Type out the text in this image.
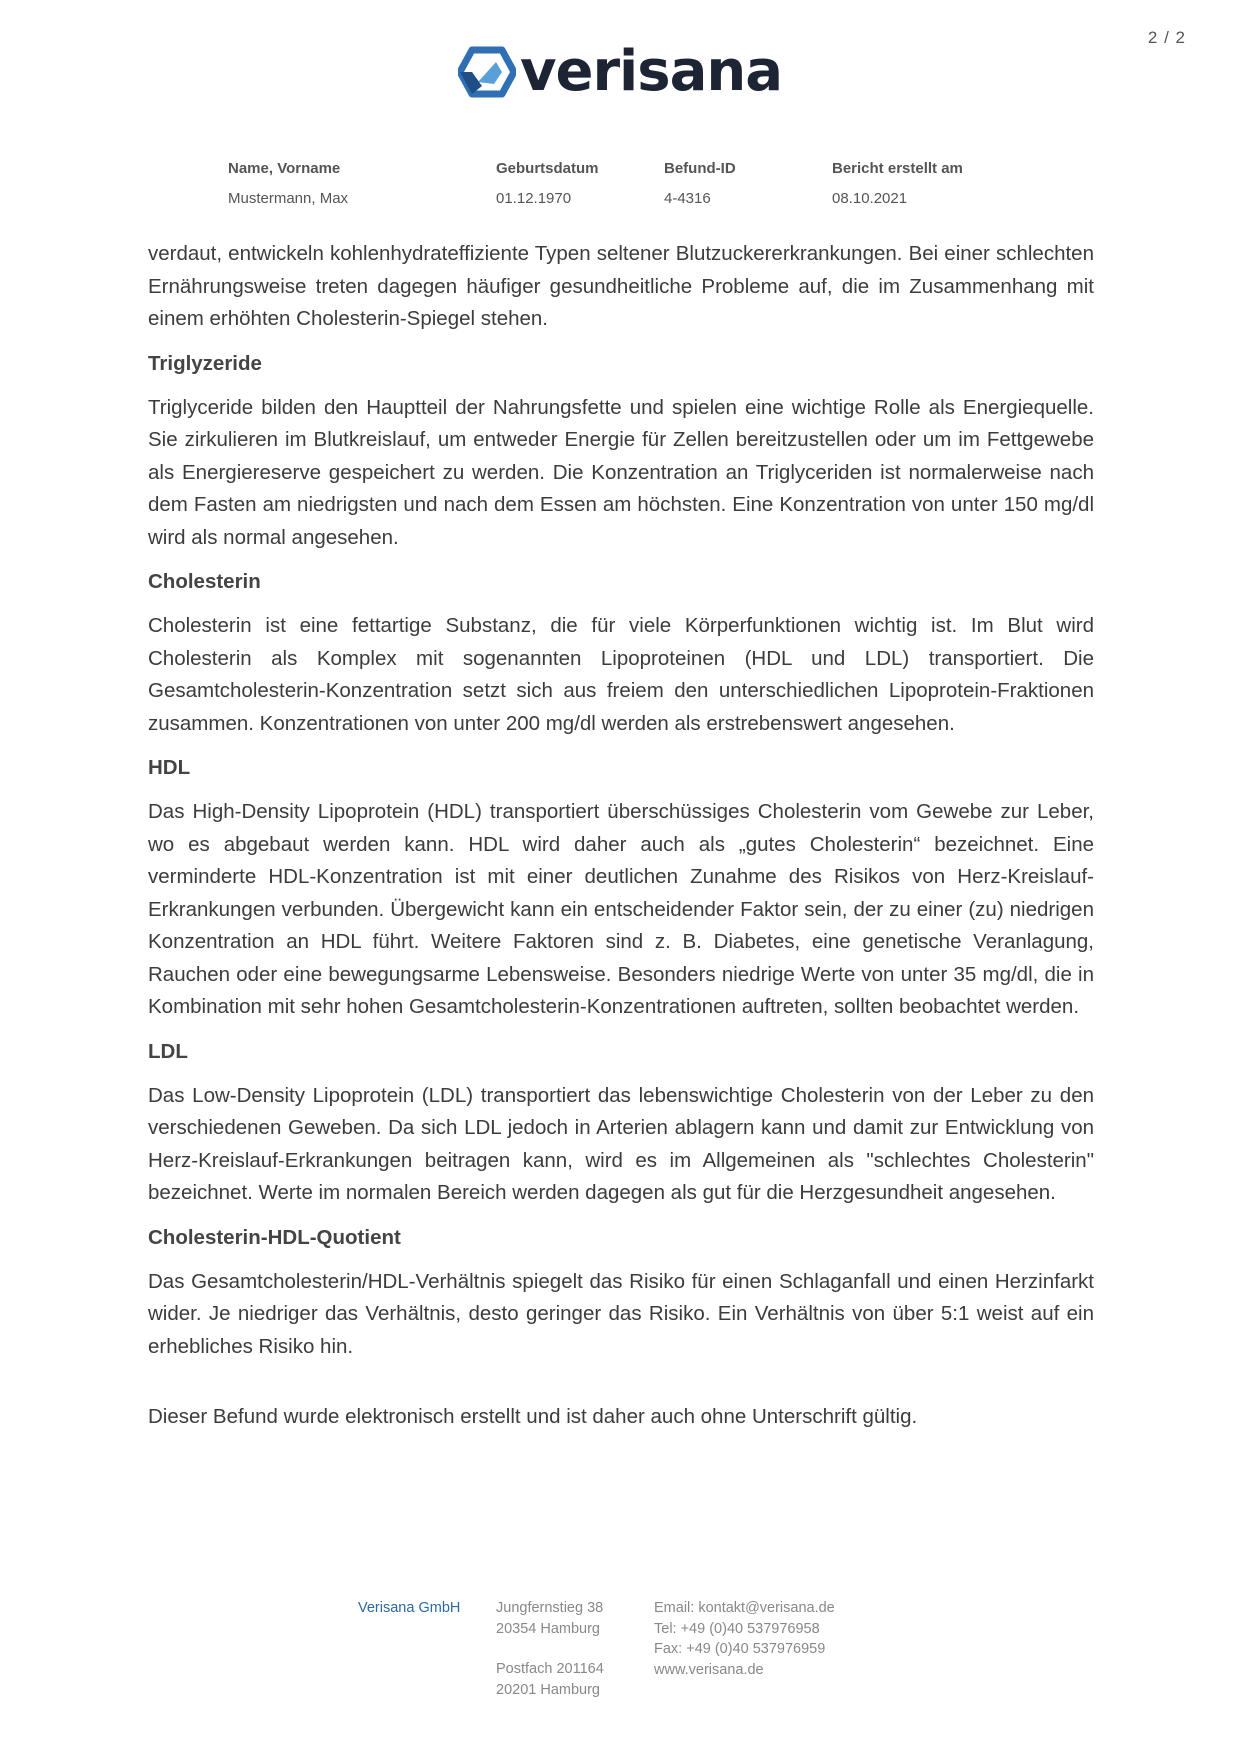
2 / 2
verisana
Name, Vorname	Geburtsdatum	Befund-ID	Bericht erstellt am
Mustermann, Max	01.12.1970	4-4316	08.10.2021

verdaut, entwickeln kohlenhydrateffiziente Typen seltener Blutzuckererkrankungen. Bei einer schlechten Ernährungsweise treten dagegen häufiger gesundheitliche Probleme auf, die im Zusammenhang mit einem erhöhten Cholesterin-Spiegel stehen.

Triglyzeride

Triglyceride bilden den Hauptteil der Nahrungsfette und spielen eine wichtige Rolle als Energiequelle. Sie zirkulieren im Blutkreislauf, um entweder Energie für Zellen bereitzustellen oder um im Fettgewebe als Energiereserve gespeichert zu werden. Die Konzentration an Triglyceriden ist normalerweise nach dem Fasten am niedrigsten und nach dem Essen am höchsten. Eine Konzentration von unter 150 mg/dl wird als normal angesehen.

Cholesterin

Cholesterin ist eine fettartige Substanz, die für viele Körperfunktionen wichtig ist. Im Blut wird Cholesterin als Komplex mit sogenannten Lipoproteinen (HDL und LDL) transportiert. Die Gesamtcholesterin-Konzentration setzt sich aus freiem den unterschiedlichen Lipoprotein-Fraktionen zusammen. Konzentrationen von unter 200 mg/dl werden als erstrebenswert angesehen.

HDL

Das High-Density Lipoprotein (HDL) transportiert überschüssiges Cholesterin vom Gewebe zur Leber, wo es abgebaut werden kann. HDL wird daher auch als „gutes Cholesterin“ bezeichnet. Eine verminderte HDL-Konzentration ist mit einer deutlichen Zunahme des Risikos von Herz-Kreislauf-Erkrankungen verbunden. Übergewicht kann ein entscheidender Faktor sein, der zu einer (zu) niedrigen Konzentration an HDL führt. Weitere Faktoren sind z. B. Diabetes, eine genetische Veranlagung, Rauchen oder eine bewegungsarme Lebensweise. Besonders niedrige Werte von unter 35 mg/dl, die in Kombination mit sehr hohen Gesamtcholesterin-Konzentrationen auftreten, sollten beobachtet werden.

LDL

Das Low-Density Lipoprotein (LDL) transportiert das lebenswichtige Cholesterin von der Leber zu den verschiedenen Geweben. Da sich LDL jedoch in Arterien ablagern kann und damit zur Entwicklung von Herz-Kreislauf-Erkrankungen beitragen kann, wird es im Allgemeinen als "schlechtes Cholesterin" bezeichnet. Werte im normalen Bereich werden dagegen als gut für die Herzgesundheit angesehen.

Cholesterin-HDL-Quotient

Das Gesamtcholesterin/HDL-Verhältnis spiegelt das Risiko für einen Schlaganfall und einen Herzinfarkt wider. Je niedriger das Verhältnis, desto geringer das Risiko. Ein Verhältnis von über 5:1 weist auf ein erhebliches Risiko hin.

Dieser Befund wurde elektronisch erstellt und ist daher auch ohne Unterschrift gültig.

Verisana GmbH	Jungfernstieg 38
20354 Hamburg
Postfach 201164
20201 Hamburg
Email: kontakt@verisana.de
Tel: +49 (0)40 537976958
Fax: +49 (0)40 537976959
www.verisana.de
